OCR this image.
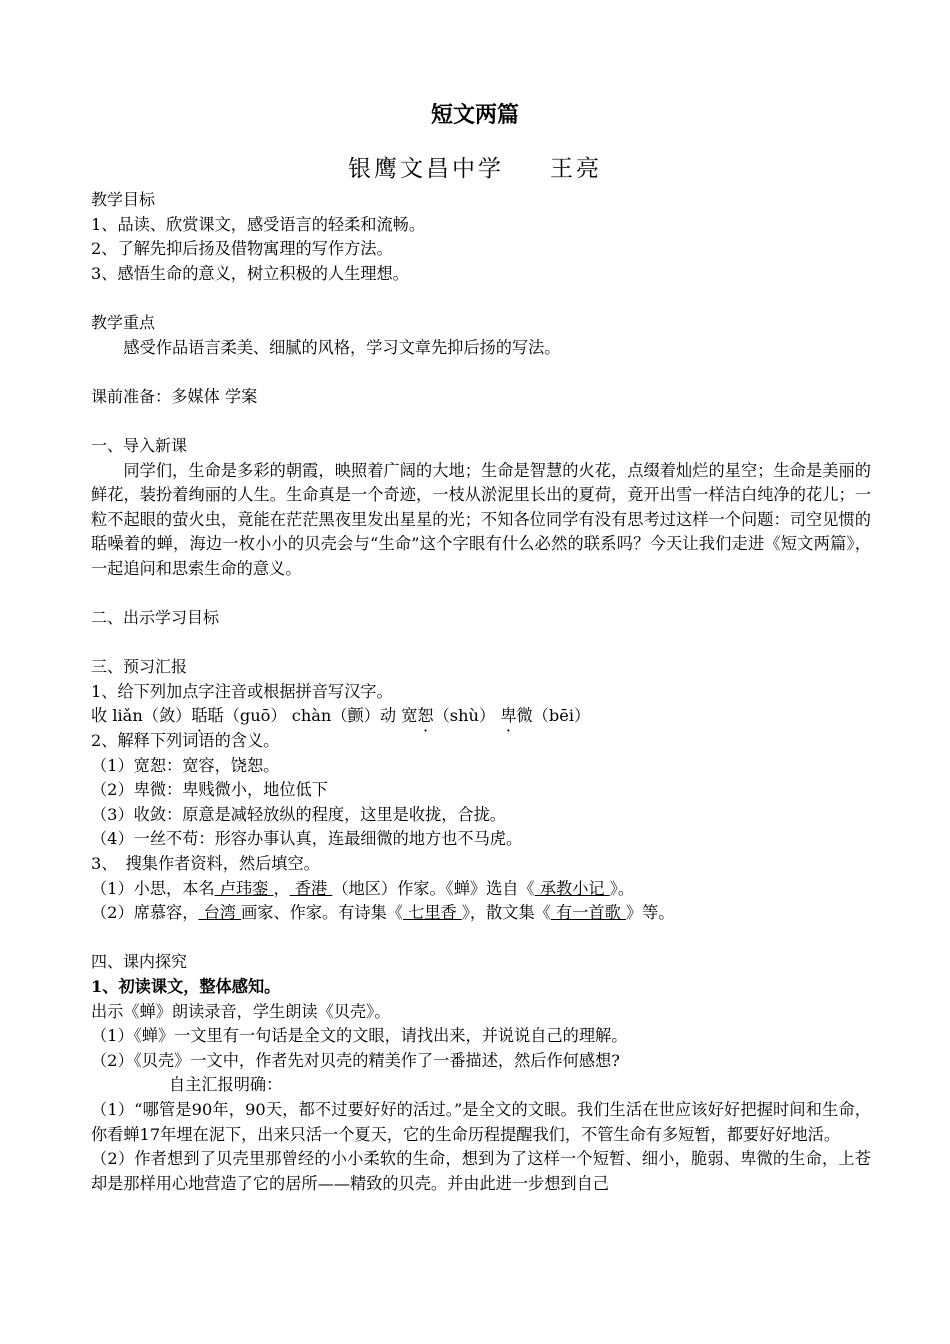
短文两篇
银鹰文昌中学 王亮
教学目标
1、品读、欣赏课文，感受语言的轻柔和流畅。
2、了解先抑后扬及借物寓理的写作方法。
3、感悟生命的意义，树立积极的人生理想。
教学重点
感受作品语言柔美、细腻的风格，学习文章先抑后扬的写法。
课前准备：多媒体 学案
一、导入新课
同学们，生命是多彩的朝霞，映照着广阔的大地；生命是智慧的火花，点缀着灿烂的星空；生命是美丽的鲜花，装扮着绚丽的人生。生命真是一个奇迹，一枝从淤泥里长出的夏荷，竟开出雪一样洁白纯净的花儿；一粒不起眼的萤火虫，竟能在茫茫黑夜里发出星星的光；不知各位同学有没有思考过这样一个问题：司空见惯的聒噪着的蝉，海边一枚小小的贝壳会与“生命”这个字眼有什么必然的联系吗？今天让我们走进《短文两篇》，一起追问和思索生命的意义。
二、出示学习目标
三、预习汇报
1、给下列加点字注音或根据拼音写汉字。
收 liǎn（敛）聒聒（guō） chàn（颤）动 宽恕（shù） 卑微（bēi）
2、解释下列词语的含义。
（1）宽恕：宽容，饶恕。
（2）卑微：卑贱微小，地位低下
（3）收敛：原意是减轻放纵的程度，这里是收拢，合拢。
（4）一丝不苟：形容办事认真，连最细微的地方也不马虎。
3、　搜集作者资料，然后填空。
（1）小思，本名 卢玮銮 ， 香港 （地区）作家。《蝉》选自《 承教小记 》。
（2）席慕容， 台湾 画家、作家。有诗集《 七里香 》，散文集《 有一首歌 》等。
四、课内探究
1、初读课文，整体感知。
出示《蝉》朗读录音，学生朗读《贝壳》。
（1）《蝉》一文里有一句话是全文的文眼，请找出来，并说说自己的理解。
（2）《贝壳》一文中，作者先对贝壳的精美作了一番描述，然后作何感想?
自主汇报明确：
（1）“哪管是90年，90天，都不过要好好的活过。”是全文的文眼。我们生活在世应该好好把握时间和生命，你看蝉17年埋在泥下，出来只活一个夏天，它的生命历程提醒我们，不管生命有多短暂，都要好好地活。
（2）作者想到了贝壳里那曾经的小小柔软的生命，想到为了这样一个短暂、细小，脆弱、卑微的生命，上苍却是那样用心地营造了它的居所——精致的贝壳。并由此进一步想到自己
